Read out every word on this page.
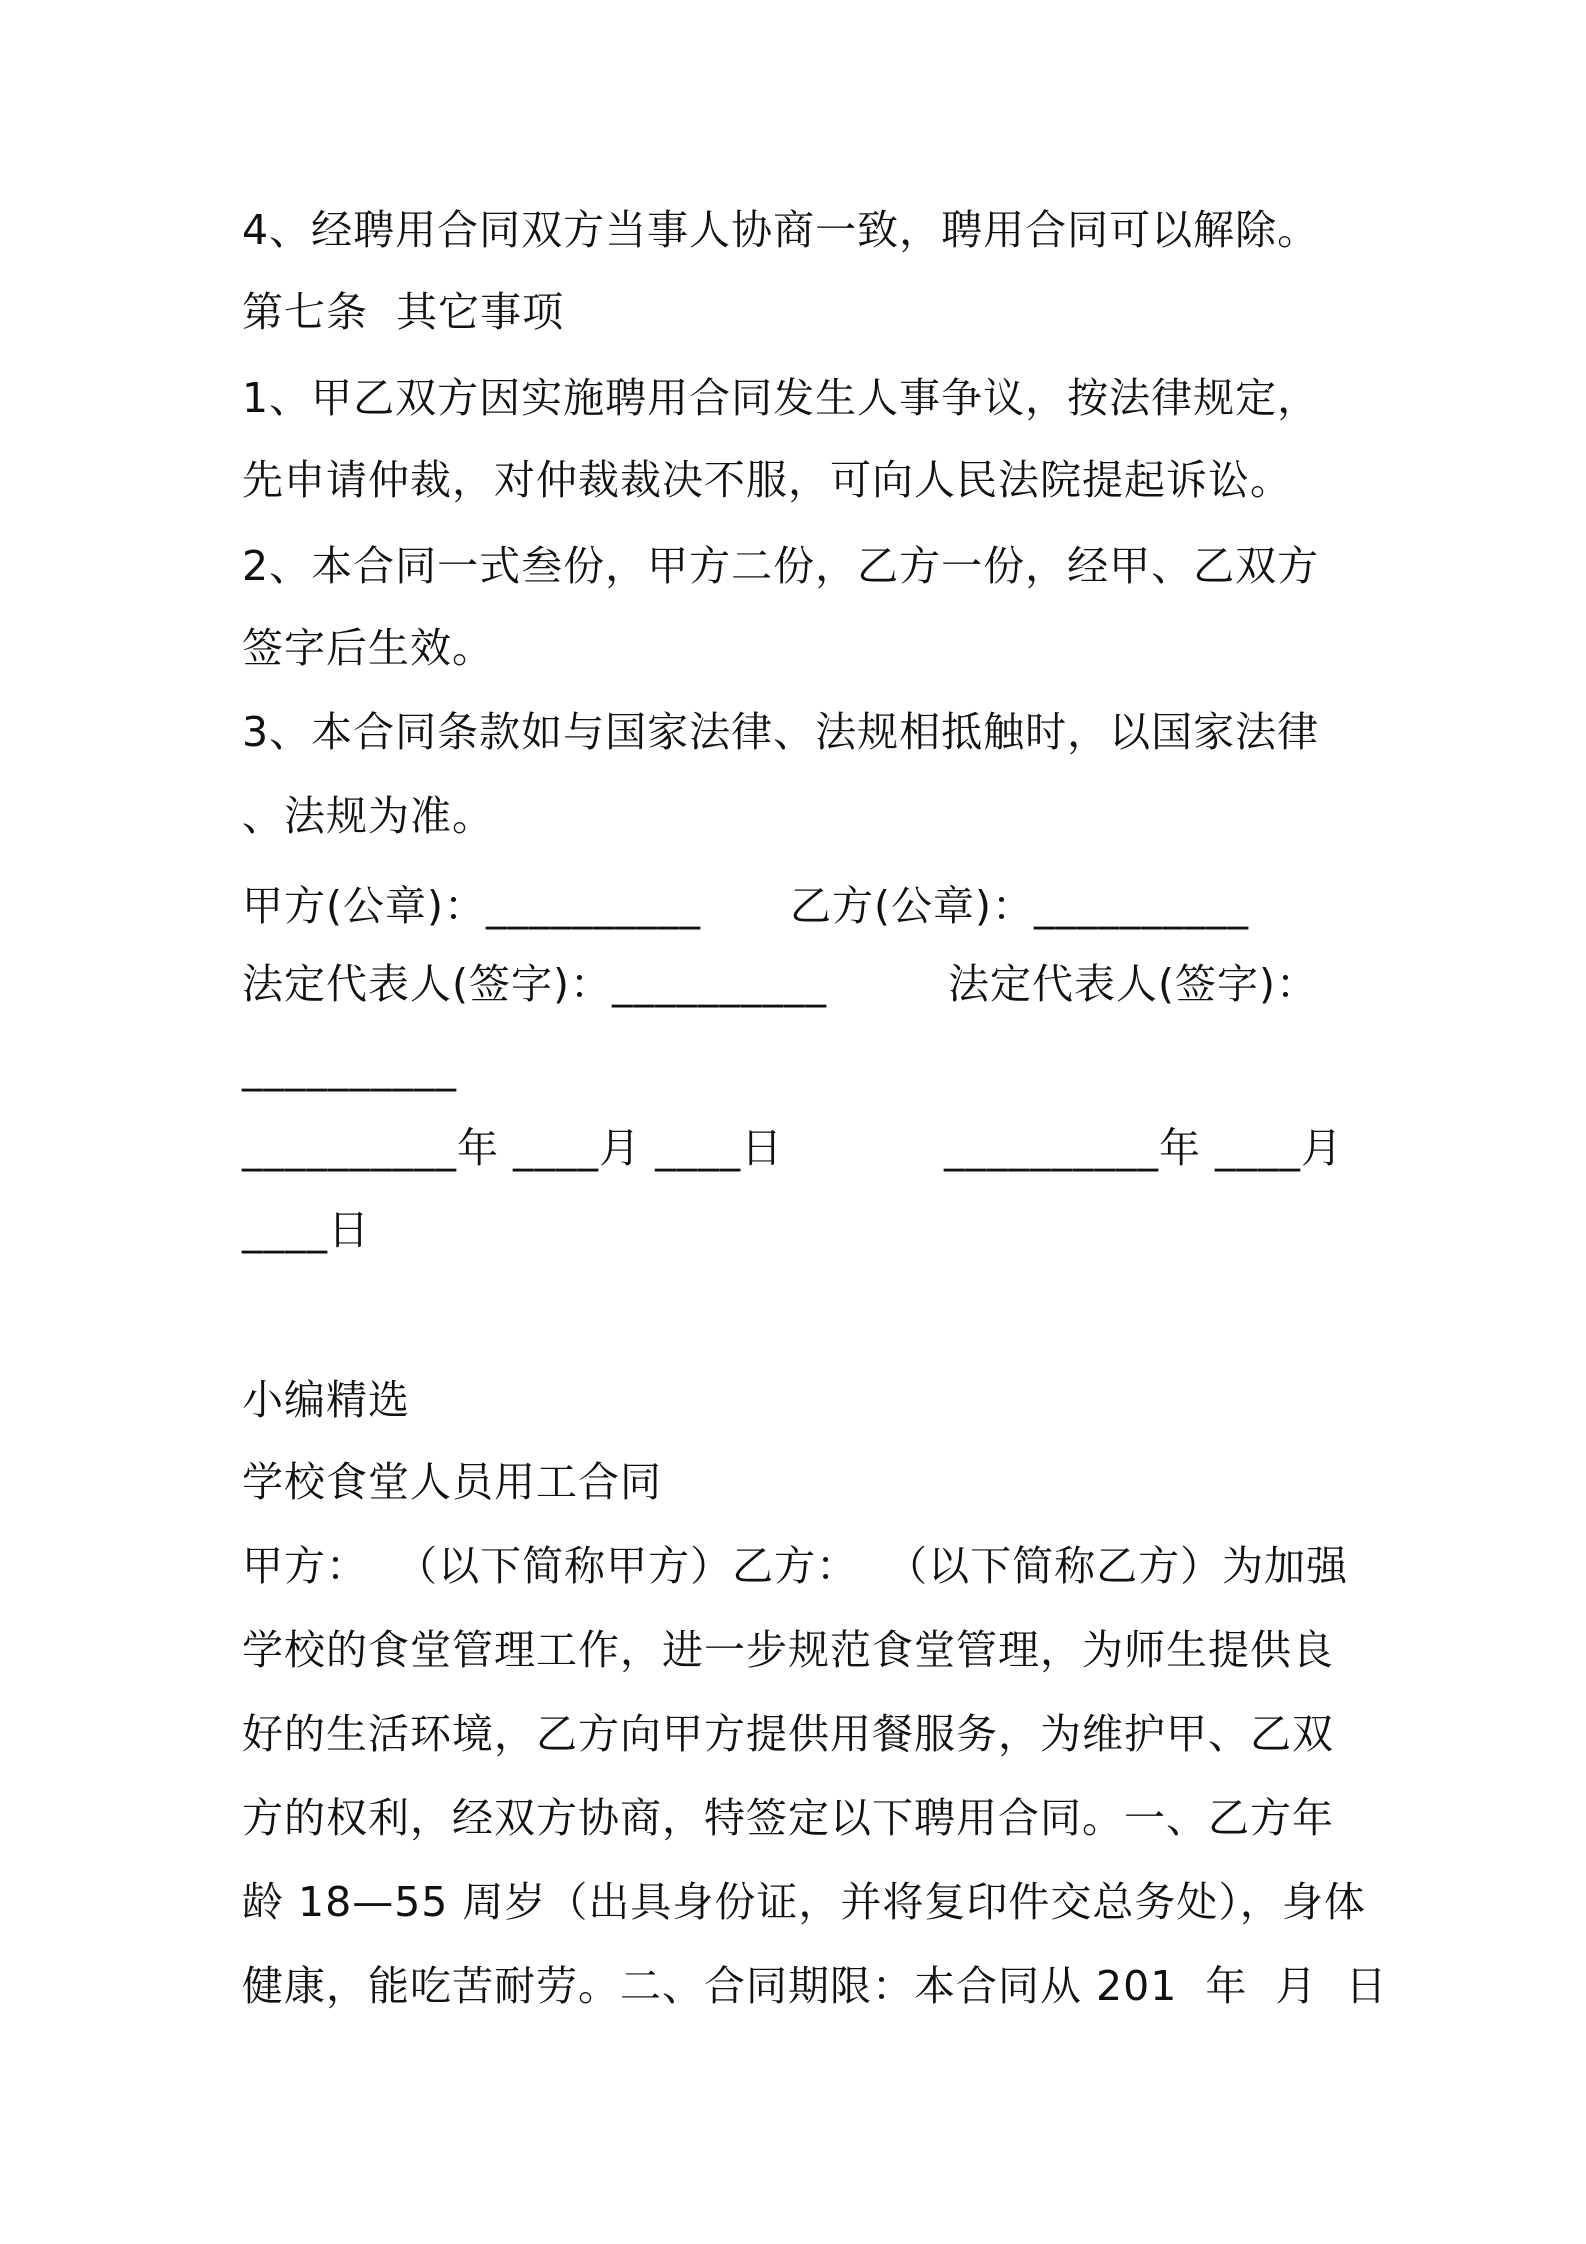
4、经聘用合同双方当事人协商一致，聘用合同可以解除。
第七条  其它事项
1、甲乙双方因实施聘用合同发生人事争议，按法律规定，
先申请仲裁，对仲裁裁决不服，可向人民法院提起诉讼。
2、本合同一式叁份，甲方二份，乙方一份，经甲、乙双方
签字后生效。
3、本合同条款如与国家法律、法规相抵触时，以国家法律
、法规为准。
甲方(公章)：__________ 乙方(公章)：__________
法定代表人(签字)：__________	法定代表人(签字)：
__________
__________年 ____月 ____日	__________年 ____月
____日
小编精选
学校食堂人员用工合同
甲方：  （以下简称甲方）乙方：  （以下简称乙方）为加强
学校的食堂管理工作，进一步规范食堂管理，为师生提供良
好的生活环境，乙方向甲方提供用餐服务，为维护甲、乙双
方的权利，经双方协商，特签定以下聘用合同。一、乙方年
龄 18—55 周岁（出具身份证，并将复印件交总务处），身体
健康，能吃苦耐劳。二、合同期限：本合同从 201  年  月  日
